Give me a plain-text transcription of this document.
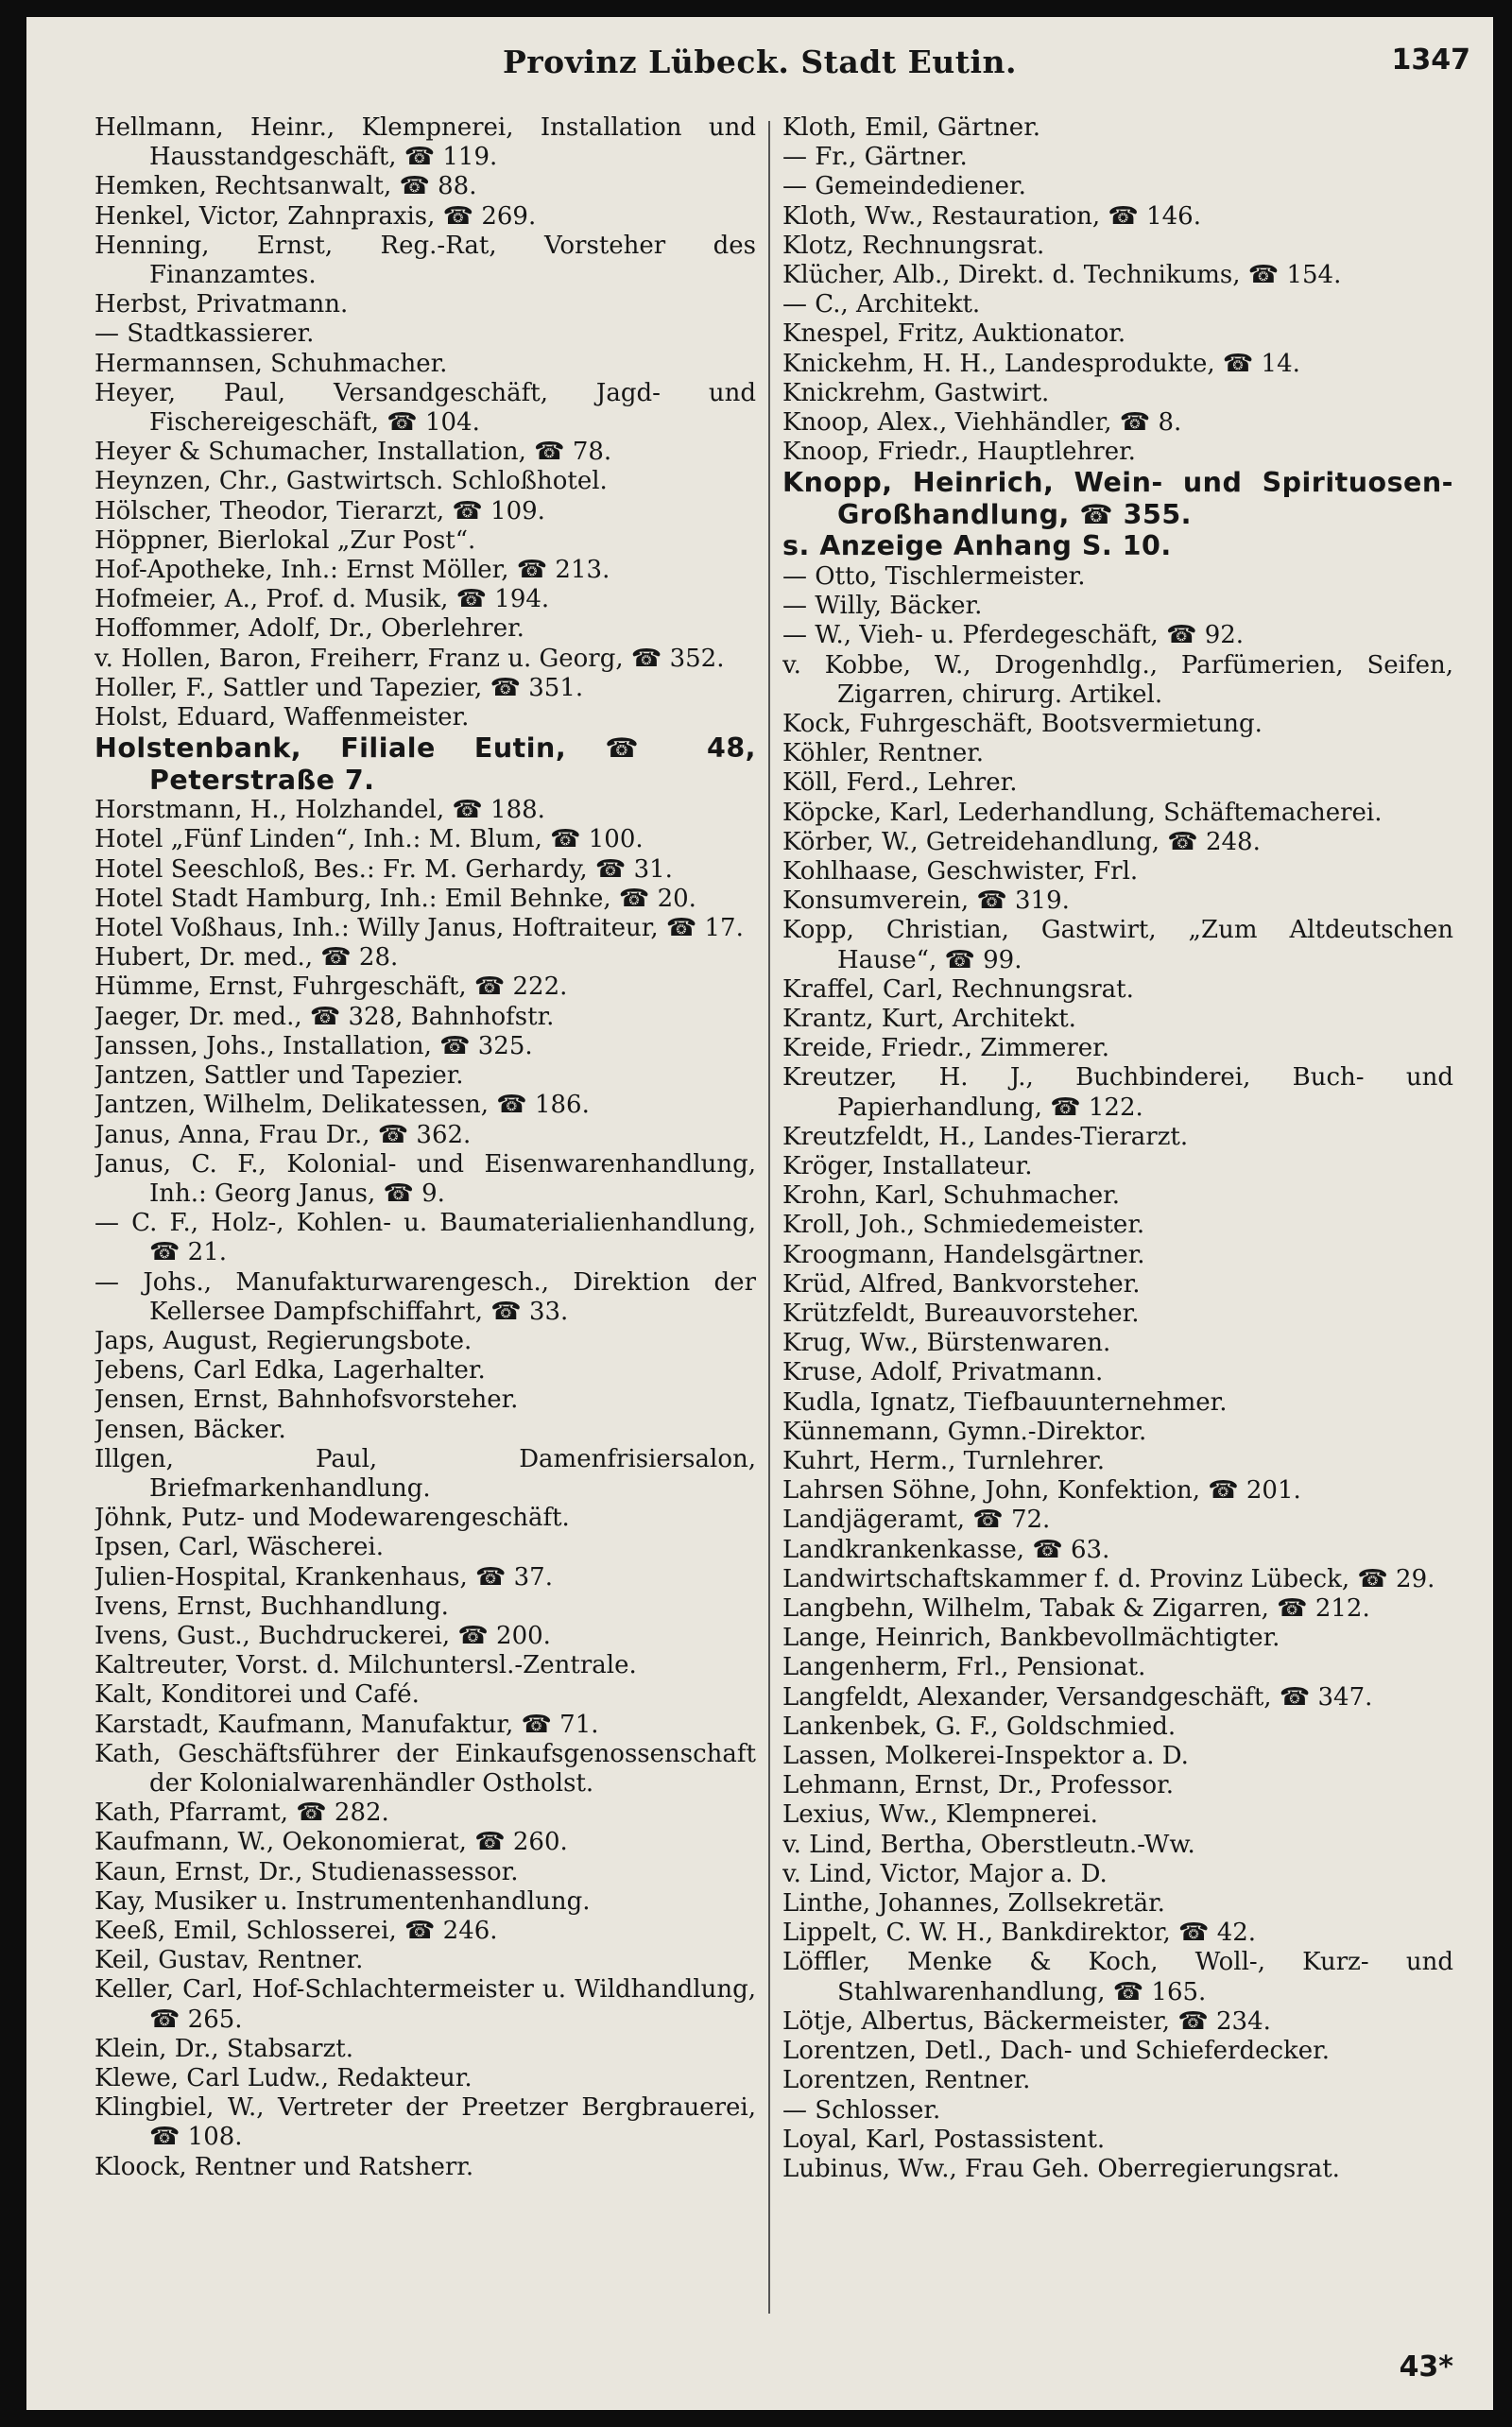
Provinz Lübeck. Stadt Eutin.	1347

Hellmann, Heinr., Klempnerei, Installation und Hausstandgeschäft, ☎ 119.

Hemken, Rechtsanwalt, ☎ 88.

Henkel, Victor, Zahnpraxis, ☎ 269.

Henning, Ernst, Reg.-Rat, Vorsteher des Finanzamtes.

Herbst, Privatmann.

— Stadtkassierer.

Hermannsen, Schuhmacher.

Heyer, Paul, Versandgeschäft, Jagd- und Fischereigeschäft, ☎ 104.

Heyer & Schumacher, Installation, ☎ 78.

Heynzen, Chr., Gastwirtsch. Schloßhotel.

Hölscher, Theodor, Tierarzt, ☎ 109.

Höppner, Bierlokal „Zur Post“.

Hof-Apotheke, Inh.: Ernst Möller, ☎ 213.

Hofmeier, A., Prof. d. Musik, ☎ 194.

Hoffommer, Adolf, Dr., Oberlehrer.

v. Hollen, Baron, Freiherr, Franz u. Georg, ☎ 352.

Holler, F., Sattler und Tapezier, ☎ 351.

Holst, Eduard, Waffenmeister.

Holstenbank, Filiale Eutin, ☎ 48, Peterstraße 7.

Horstmann, H., Holzhandel, ☎ 188.

Hotel „Fünf Linden“, Inh.: M. Blum, ☎ 100.

Hotel Seeschloß, Bes.: Fr. M. Gerhardy, ☎ 31.

Hotel Stadt Hamburg, Inh.: Emil Behnke, ☎ 20.

Hotel Voßhaus, Inh.: Willy Janus, Hoftraiteur, ☎ 17.

Hubert, Dr. med., ☎ 28.

Hümme, Ernst, Fuhrgeschäft, ☎ 222.

Jaeger, Dr. med., ☎ 328, Bahnhofstr.

Janssen, Johs., Installation, ☎ 325.

Jantzen, Sattler und Tapezier.

Jantzen, Wilhelm, Delikatessen, ☎ 186.

Janus, Anna, Frau Dr., ☎ 362.

Janus, C. F., Kolonial- und Eisenwarenhandlung, Inh.: Georg Janus, ☎ 9.

— C. F., Holz-, Kohlen- u. Baumaterialienhandlung, ☎ 21.

— Johs., Manufakturwarengesch., Direktion der Kellersee Dampfschiffahrt, ☎ 33.

Japs, August, Regierungsbote.

Jebens, Carl Edka, Lagerhalter.

Jensen, Ernst, Bahnhofsvorsteher.

Jensen, Bäcker.

Illgen, Paul, Damenfrisiersalon, Briefmarkenhandlung.

Jöhnk, Putz- und Modewarengeschäft.

Ipsen, Carl, Wäscherei.

Julien-Hospital, Krankenhaus, ☎ 37.

Ivens, Ernst, Buchhandlung.

Ivens, Gust., Buchdruckerei, ☎ 200.

Kaltreuter, Vorst. d. Milchuntersl.-Zentrale.

Kalt, Konditorei und Café.

Karstadt, Kaufmann, Manufaktur, ☎ 71.

Kath, Geschäftsführer der Einkaufsgenossenschaft der Kolonialwarenhändler Ostholst.

Kath, Pfarramt, ☎ 282.

Kaufmann, W., Oekonomierat, ☎ 260.

Kaun, Ernst, Dr., Studienassessor.

Kay, Musiker u. Instrumentenhandlung.

Keeß, Emil, Schlosserei, ☎ 246.

Keil, Gustav, Rentner.

Keller, Carl, Hof-Schlachtermeister u. Wildhandlung, ☎ 265.

Klein, Dr., Stabsarzt.

Klewe, Carl Ludw., Redakteur.

Klingbiel, W., Vertreter der Preetzer Bergbrauerei, ☎ 108.

Kloock, Rentner und Ratsherr.

Kloth, Emil, Gärtner.

— Fr., Gärtner.

— Gemeindediener.

Kloth, Ww., Restauration, ☎ 146.

Klotz, Rechnungsrat.

Klücher, Alb., Direkt. d. Technikums, ☎ 154.

— C., Architekt.

Knespel, Fritz, Auktionator.

Knickehm, H. H., Landesprodukte, ☎ 14.

Knickrehm, Gastwirt.

Knoop, Alex., Viehhändler, ☎ 8.

Knoop, Friedr., Hauptlehrer.

Knopp, Heinrich, Wein- und Spirituosen-Großhandlung, ☎ 355.

s. Anzeige Anhang S. 10.

— Otto, Tischlermeister.

— Willy, Bäcker.

— W., Vieh- u. Pferdegeschäft, ☎ 92.

v. Kobbe, W., Drogenhdlg., Parfümerien, Seifen, Zigarren, chirurg. Artikel.

Kock, Fuhrgeschäft, Bootsvermietung.

Köhler, Rentner.

Köll, Ferd., Lehrer.

Köpcke, Karl, Lederhandlung, Schäftemacherei.

Körber, W., Getreidehandlung, ☎ 248.

Kohlhaase, Geschwister, Frl.

Konsumverein, ☎ 319.

Kopp, Christian, Gastwirt, „Zum Altdeutschen Hause“, ☎ 99.

Kraffel, Carl, Rechnungsrat.

Krantz, Kurt, Architekt.

Kreide, Friedr., Zimmerer.

Kreutzer, H. J., Buchbinderei, Buch- und Papierhandlung, ☎ 122.

Kreutzfeldt, H., Landes-Tierarzt.

Kröger, Installateur.

Krohn, Karl, Schuhmacher.

Kroll, Joh., Schmiedemeister.

Kroogmann, Handelsgärtner.

Krüd, Alfred, Bankvorsteher.

Krützfeldt, Bureauvorsteher.

Krug, Ww., Bürstenwaren.

Kruse, Adolf, Privatmann.

Kudla, Ignatz, Tiefbauunternehmer.

Künnemann, Gymn.-Direktor.

Kuhrt, Herm., Turnlehrer.

Lahrsen Söhne, John, Konfektion, ☎ 201.

Landjägeramt, ☎ 72.

Landkrankenkasse, ☎ 63.

Landwirtschaftskammer f. d. Provinz Lübeck, ☎ 29.

Langbehn, Wilhelm, Tabak & Zigarren, ☎ 212.

Lange, Heinrich, Bankbevollmächtigter.

Langenherm, Frl., Pensionat.

Langfeldt, Alexander, Versandgeschäft, ☎ 347.

Lankenbek, G. F., Goldschmied.

Lassen, Molkerei-Inspektor a. D.

Lehmann, Ernst, Dr., Professor.

Lexius, Ww., Klempnerei.

v. Lind, Bertha, Oberstleutn.-Ww.

v. Lind, Victor, Major a. D.

Linthe, Johannes, Zollsekretär.

Lippelt, C. W. H., Bankdirektor, ☎ 42.

Löffler, Menke & Koch, Woll-, Kurz- und Stahlwarenhandlung, ☎ 165.

Lötje, Albertus, Bäckermeister, ☎ 234.

Lorentzen, Detl., Dach- und Schieferdecker.

Lorentzen, Rentner.

— Schlosser.

Loyal, Karl, Postassistent.

Lubinus, Ww., Frau Geh. Oberregierungsrat.

43*
